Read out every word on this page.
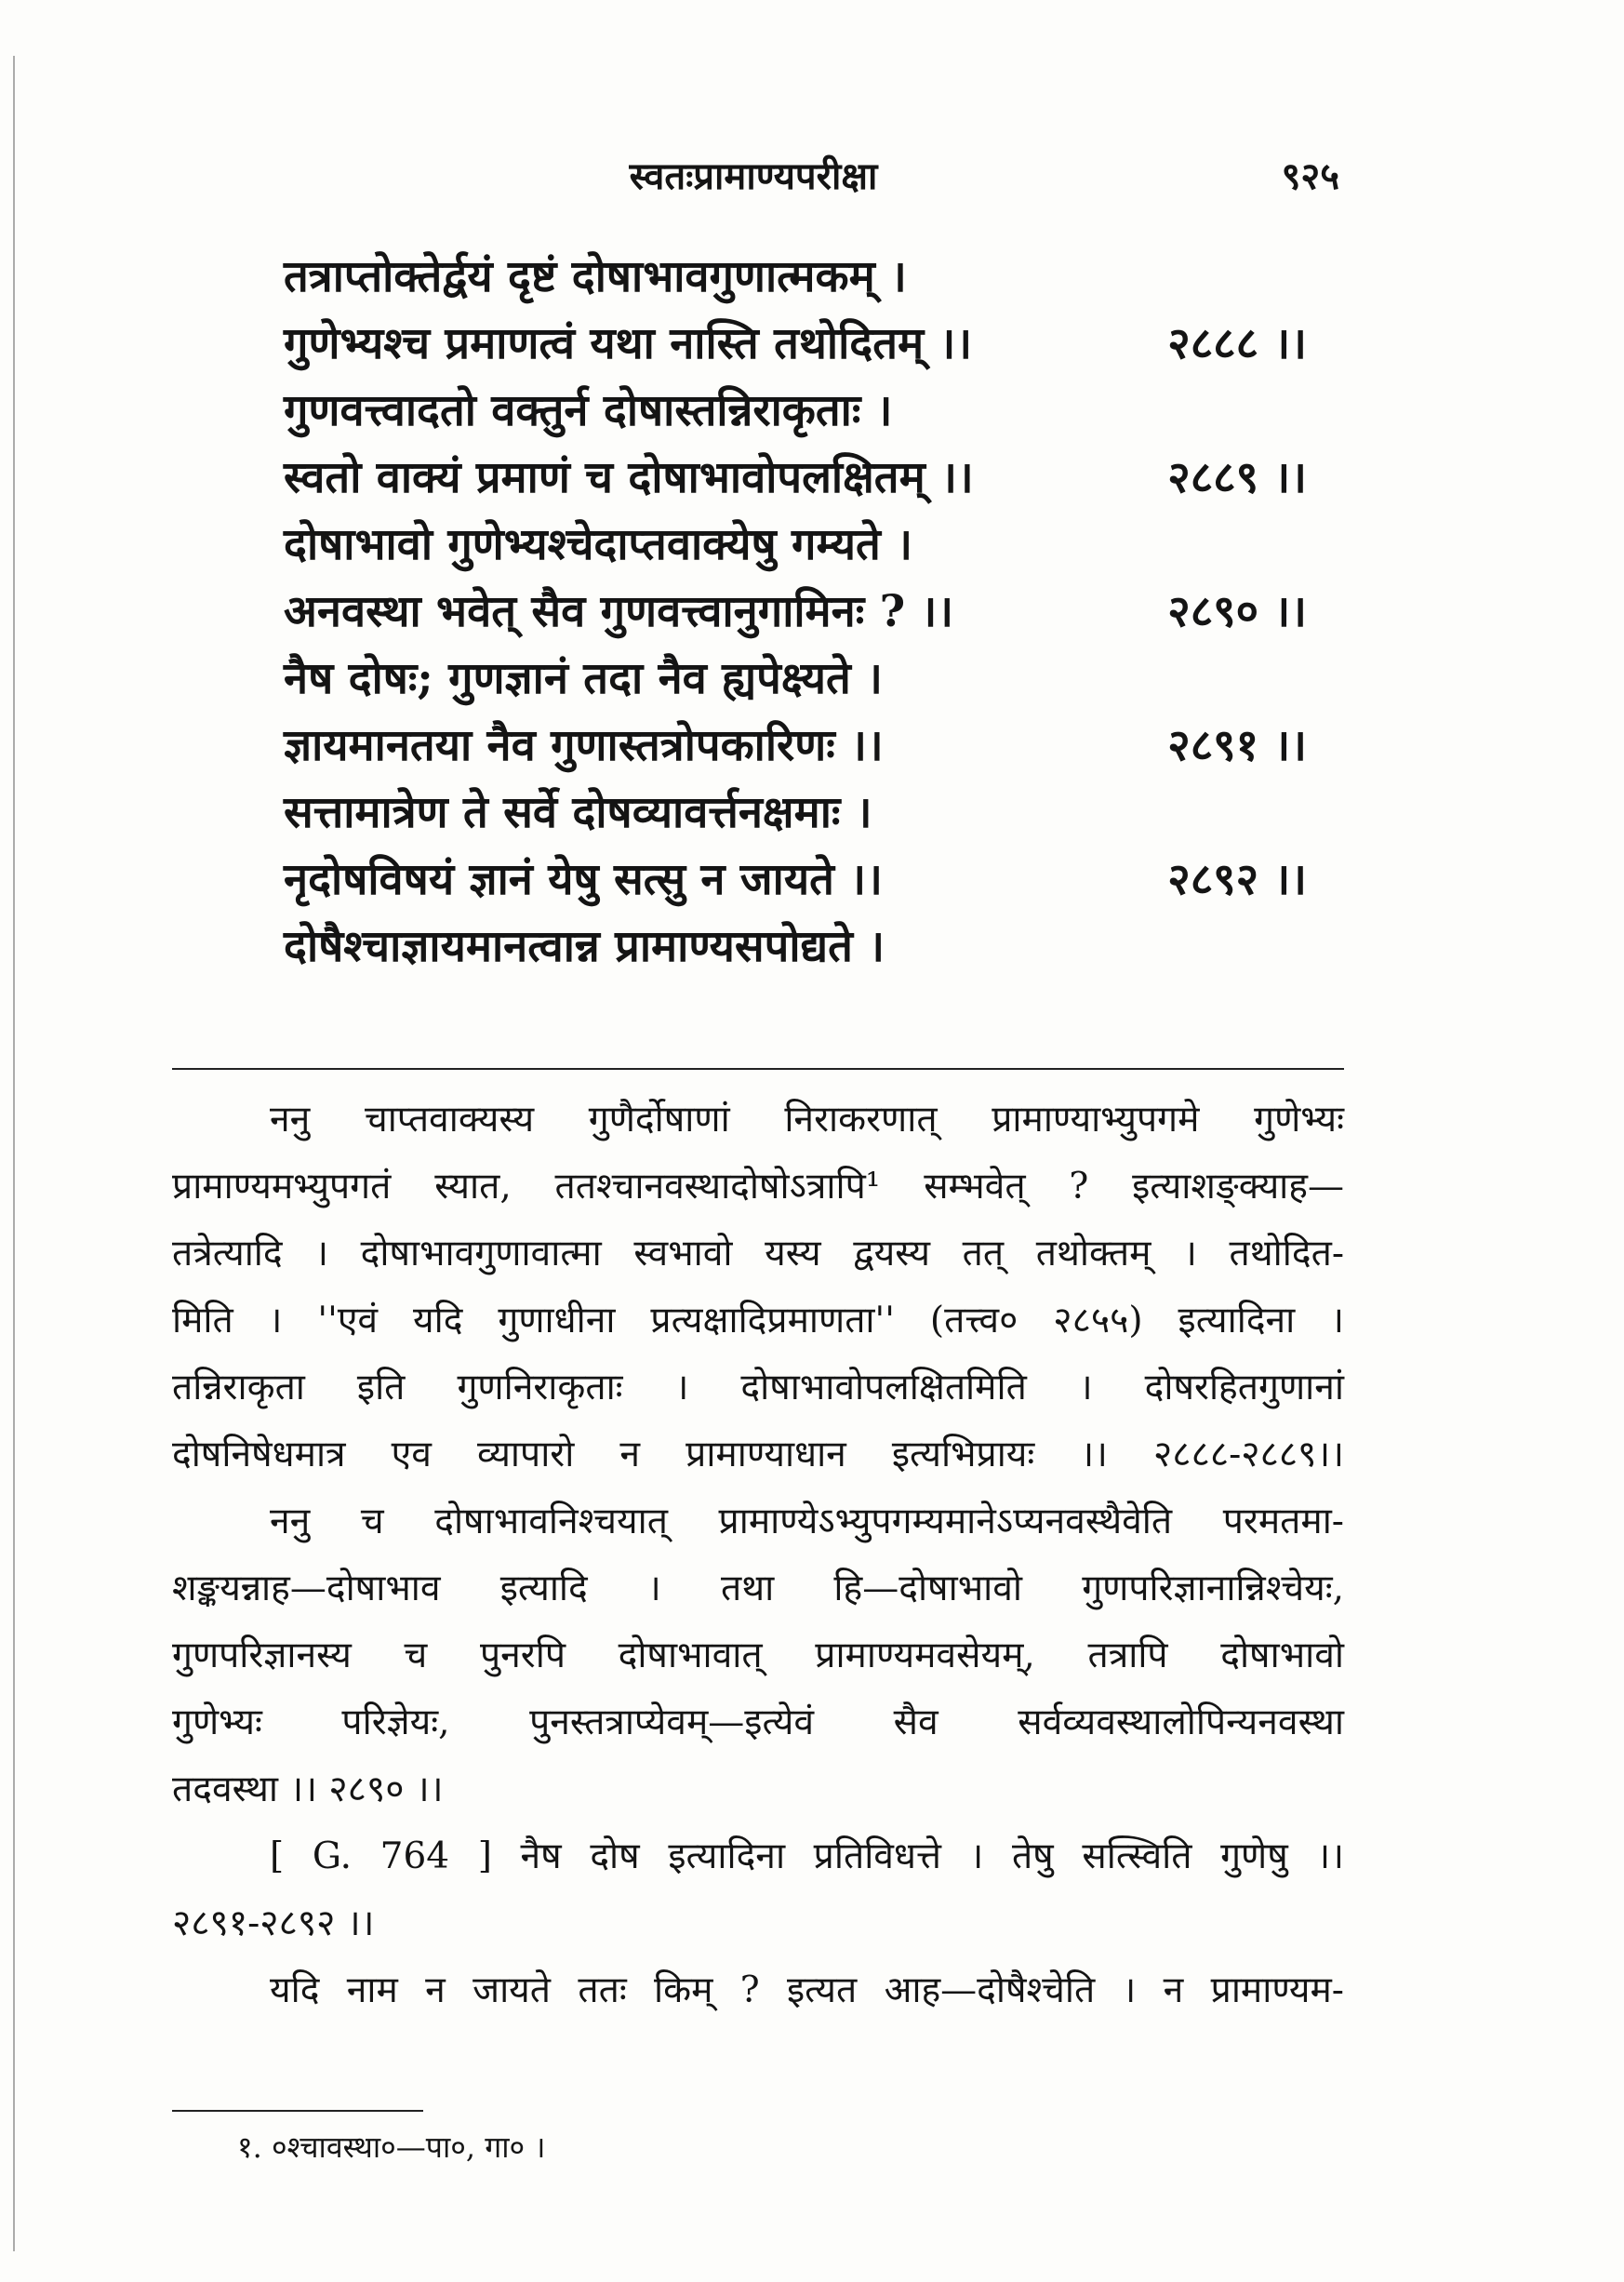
स्वतःप्रामाण्यपरीक्षा	९२५
तत्राप्तोक्तेर्द्वयं दृष्टं दोषाभावगुणात्मकम् ।
गुणेभ्यश्च प्रमाणत्वं यथा नास्ति तथोदितम् ।।	२८८८ ।।
गुणवत्त्वादतो वक्तुर्न दोषास्तन्निराकृताः ।
स्वतो वाक्यं प्रमाणं च दोषाभावोपलक्षितम् ।।	२८८९ ।।
दोषाभावो गुणेभ्यश्चेदाप्तवाक्येषु गम्यते ।
अनवस्था भवेत् सैव गुणवत्त्वानुगामिनः ? ।।	२८९० ।।
नैष दोषः; गुणज्ञानं तदा नैव ह्यपेक्ष्यते ।
ज्ञायमानतया नैव गुणास्तत्रोपकारिणः ।।	२८९१ ।।
सत्तामात्रेण ते सर्वे दोषव्यावर्त्तनक्षमाः ।
नृदोषविषयं ज्ञानं येषु सत्सु न जायते ।।	२८९२ ।।
दोषैश्चाज्ञायमानत्वान्न प्रामाण्यसपोद्यते ।
ननु चाप्तवाक्यस्य गुणैर्दोषाणां निराकरणात् प्रामाण्याभ्युपगमे गुणेभ्यः
प्रामाण्यमभ्युपगतं स्यात, ततश्चानवस्थादोषोऽत्रापि¹ सम्भवेत् ? इत्याशङ्क्याह—
तत्रेत्यादि । दोषाभावगुणावात्मा स्वभावो यस्य द्वयस्य तत् तथोक्तम् । तथोदित-
मिति । ''एवं यदि गुणाधीना प्रत्यक्षादिप्रमाणता'' (तत्त्व० २८५५) इत्यादिना ।
तन्निराकृता इति गुणनिराकृताः । दोषाभावोपलक्षितमिति । दोषरहितगुणानां
दोषनिषेधमात्र एव व्यापारो न प्रामाण्याधान इत्यभिप्रायः ।। २८८८-२८८९।।
ननु च दोषाभावनिश्चयात् प्रामाण्येऽभ्युपगम्यमानेऽप्यनवस्थैवेति परमतमा-
शङ्कयन्नाह—दोषाभाव इत्यादि । तथा हि—दोषाभावो गुणपरिज्ञानान्निश्चेयः,
गुणपरिज्ञानस्य च पुनरपि दोषाभावात् प्रामाण्यमवसेयम्, तत्रापि दोषाभावो
गुणेभ्यः परिज्ञेयः, पुनस्तत्राप्येवम्—इत्येवं सैव सर्वव्यवस्थालोपिन्यनवस्था
तदवस्था ।। २८९० ।।
[ G. 764 ] नैष दोष इत्यादिना प्रतिविधत्ते । तेषु सत्स्विति गुणेषु ।।
२८९१-२८९२ ।।
यदि नाम न जायते ततः किम् ? इत्यत आह—दोषैश्चेति । न प्रामाण्यम-
१. ०श्चावस्था०—पा०, गा० ।
